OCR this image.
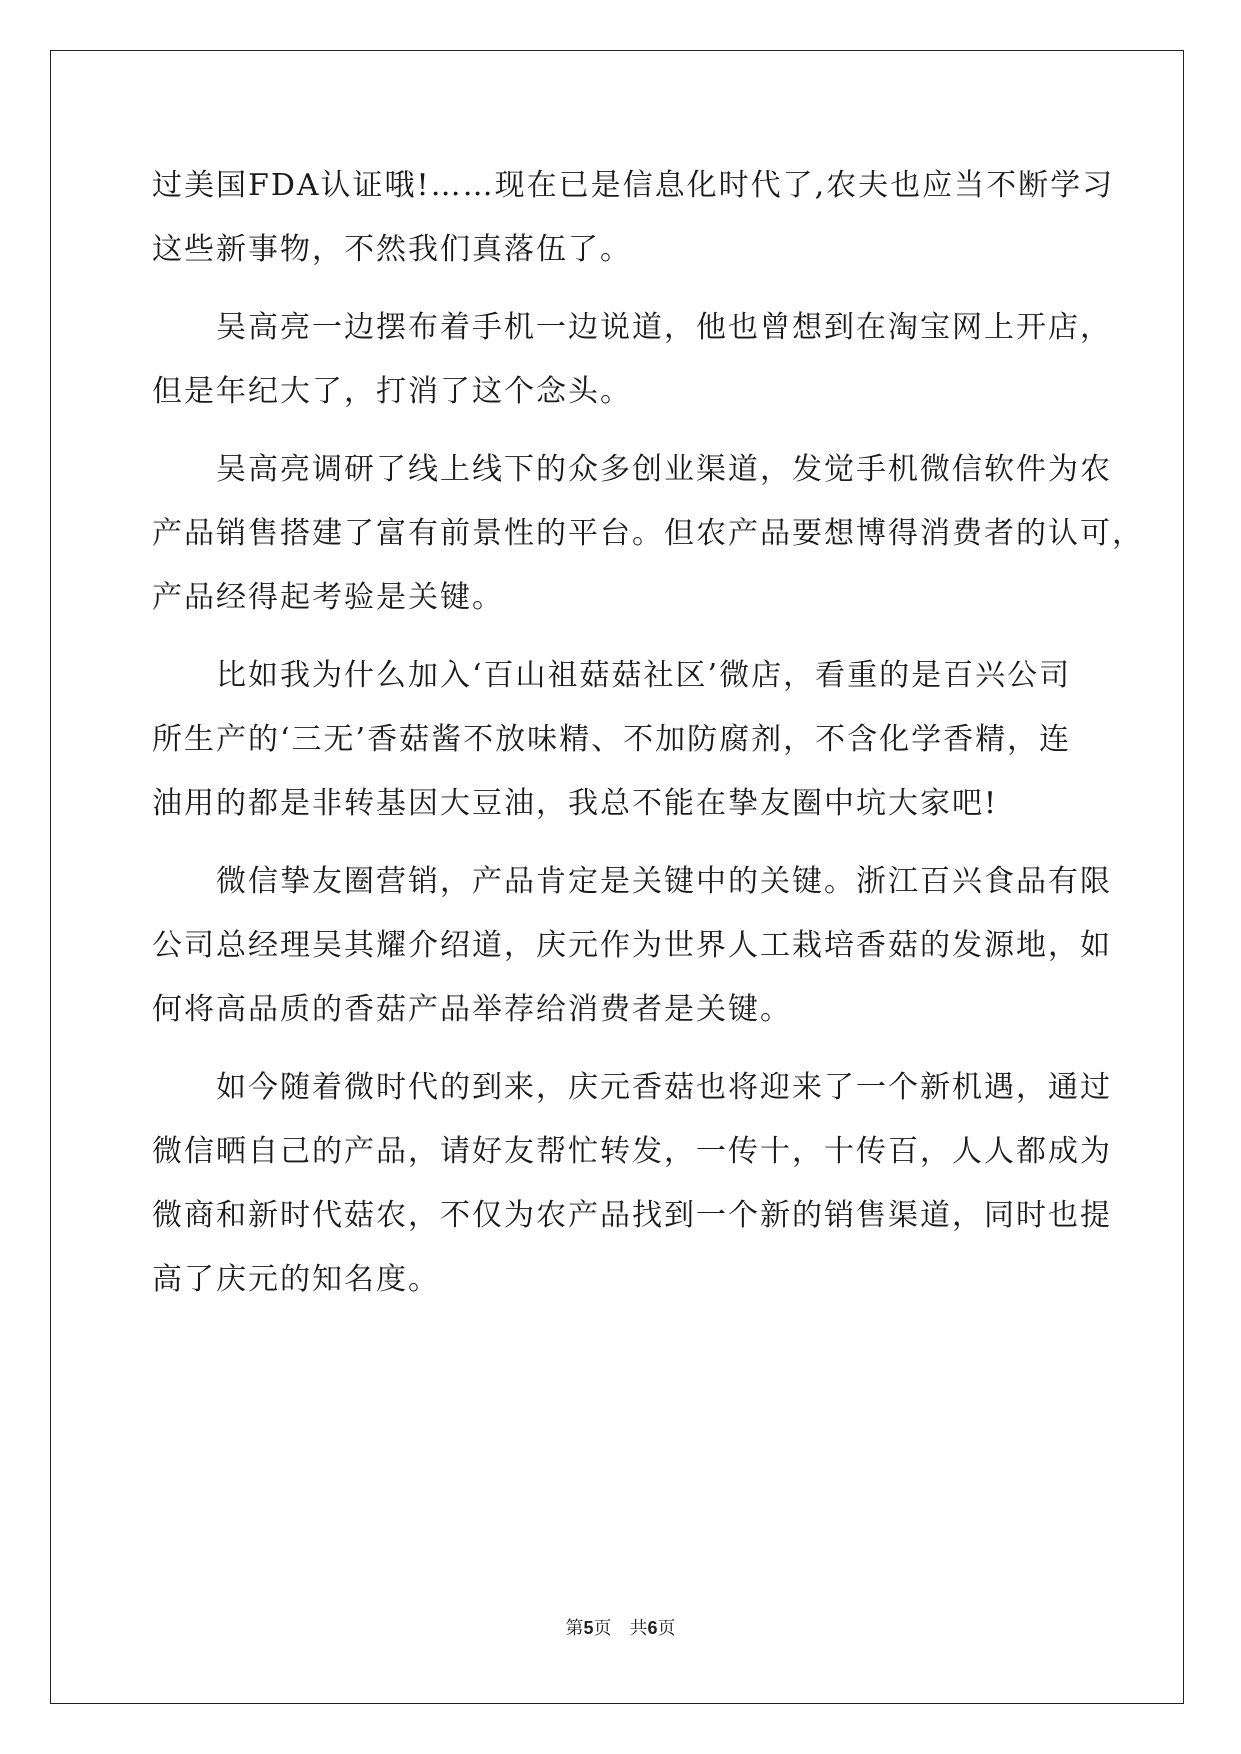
过美国FDA认证哦!……现在已是信息化时代了,农夫也应当不断学习
这些新事物，不然我们真落伍了。
吴高亮一边摆布着手机一边说道，他也曾想到在淘宝网上开店，
但是年纪大了，打消了这个念头。
吴高亮调研了线上线下的众多创业渠道，发觉手机微信软件为农
产品销售搭建了富有前景性的平台。但农产品要想博得消费者的认可，
产品经得起考验是关键。
比如我为什么加入‘百山祖菇菇社区’微店，看重的是百兴公司
所生产的‘三无’香菇酱不放味精、不加防腐剂，不含化学香精，连
油用的都是非转基因大豆油，我总不能在挚友圈中坑大家吧!
微信挚友圈营销，产品肯定是关键中的关键。浙江百兴食品有限
公司总经理吴其耀介绍道，庆元作为世界人工栽培香菇的发源地，如
何将高品质的香菇产品举荐给消费者是关键。
如今随着微时代的到来，庆元香菇也将迎来了一个新机遇，通过
微信晒自己的产品，请好友帮忙转发，一传十，十传百，人人都成为
微商和新时代菇农，不仅为农产品找到一个新的销售渠道，同时也提
高了庆元的知名度。
第5页　共6页
